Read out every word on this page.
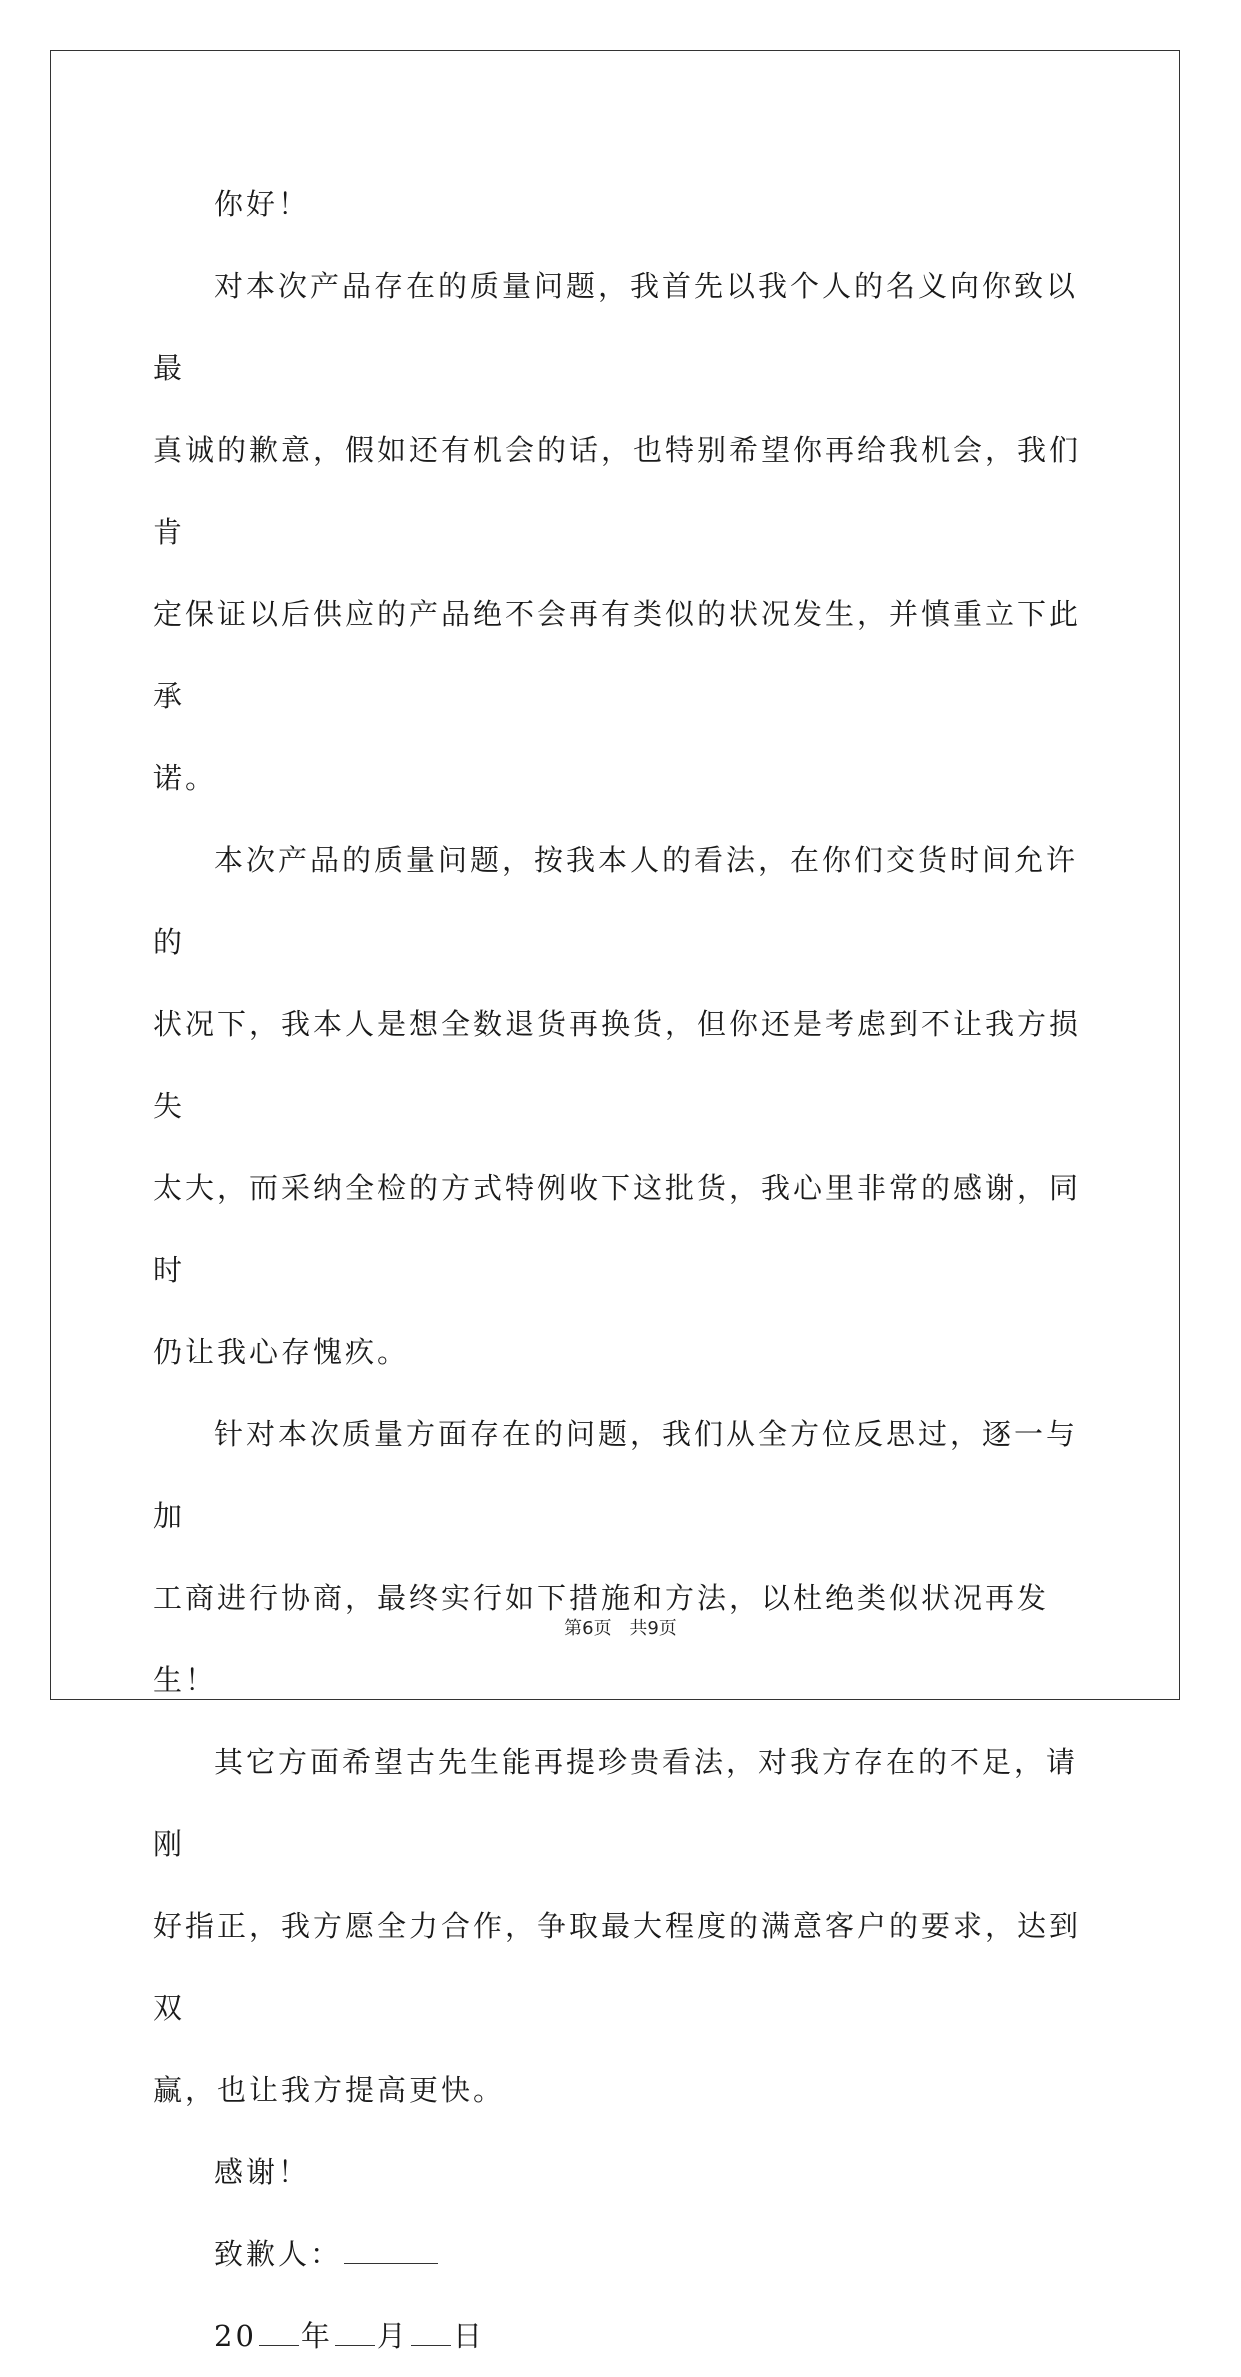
你好！

对本次产品存在的质量问题，我首先以我个人的名义向你致以最
真诚的歉意，假如还有机会的话，也特别希望你再给我机会，我们肯
定保证以后供应的产品绝不会再有类似的状况发生，并慎重立下此承
诺。
本次产品的质量问题，按我本人的看法，在你们交货时间允许的
状况下，我本人是想全数退货再换货，但你还是考虑到不让我方损失
太大，而采纳全检的方式特例收下这批货，我心里非常的感谢，同时
仍让我心存愧疚。
针对本次质量方面存在的问题，我们从全方位反思过，逐一与加
工商进行协商，最终实行如下措施和方法，以杜绝类似状况再发生！
其它方面希望古先生能再提珍贵看法，对我方存在的不足，请刚
好指正，我方愿全力合作，争取最大程度的满意客户的要求，达到双
赢，也让我方提高更快。

感谢！

致歉人：

20 年 月 日

第6页 共9页
